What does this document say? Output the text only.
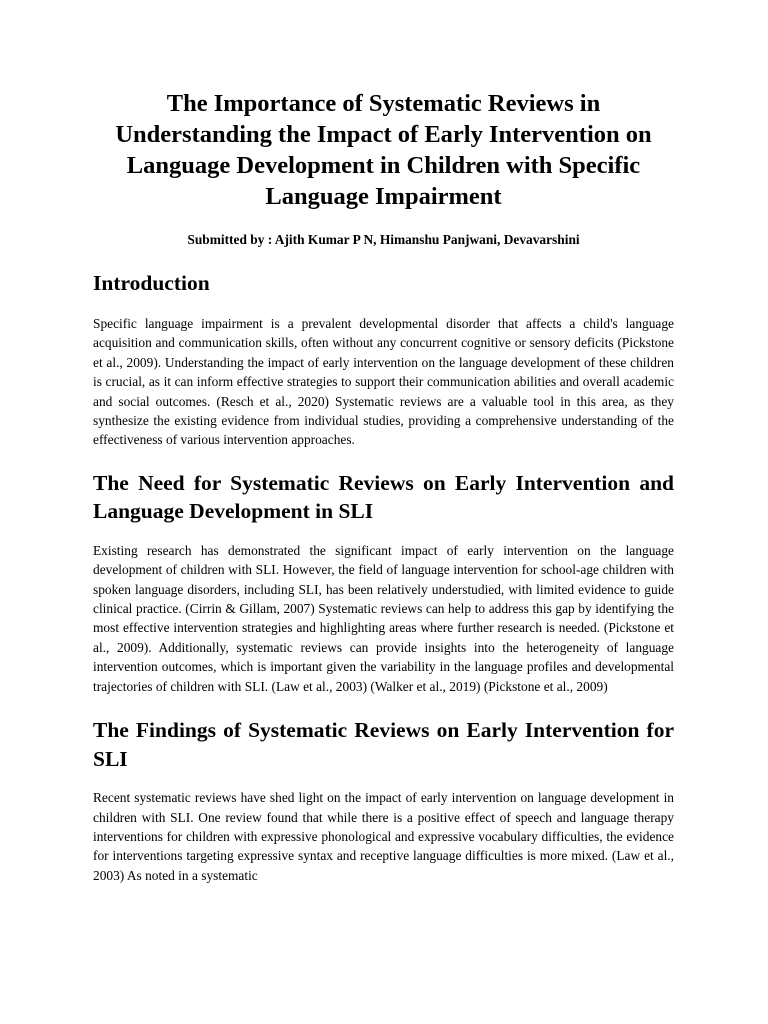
The Importance of Systematic Reviews in Understanding the Impact of Early Intervention on Language Development in Children with Specific Language Impairment

Submitted by : Ajith Kumar P N, Himanshu Panjwani, Devavarshini

Introduction

Specific language impairment is a prevalent developmental disorder that affects a child's language acquisition and communication skills, often without any concurrent cognitive or sensory deficits (Pickstone et al., 2009). Understanding the impact of early intervention on the language development of these children is crucial, as it can inform effective strategies to support their communication abilities and overall academic and social outcomes. (Resch et al., 2020) Systematic reviews are a valuable tool in this area, as they synthesize the existing evidence from individual studies, providing a comprehensive understanding of the effectiveness of various intervention approaches.

The Need for Systematic Reviews on Early Intervention and Language Development in SLI

Existing research has demonstrated the significant impact of early intervention on the language development of children with SLI. However, the field of language intervention for school-age children with spoken language disorders, including SLI, has been relatively understudied, with limited evidence to guide clinical practice. (Cirrin & Gillam, 2007) Systematic reviews can help to address this gap by identifying the most effective intervention strategies and highlighting areas where further research is needed. (Pickstone et al., 2009). Additionally, systematic reviews can provide insights into the heterogeneity of language intervention outcomes, which is important given the variability in the language profiles and developmental trajectories of children with SLI. (Law et al., 2003) (Walker et al., 2019) (Pickstone et al., 2009)

The Findings of Systematic Reviews on Early Intervention for SLI

Recent systematic reviews have shed light on the impact of early intervention on language development in children with SLI. One review found that while there is a positive effect of speech and language therapy interventions for children with expressive phonological and expressive vocabulary difficulties, the evidence for interventions targeting expressive syntax and receptive language difficulties is more mixed. (Law et al., 2003) As noted in a systematic
